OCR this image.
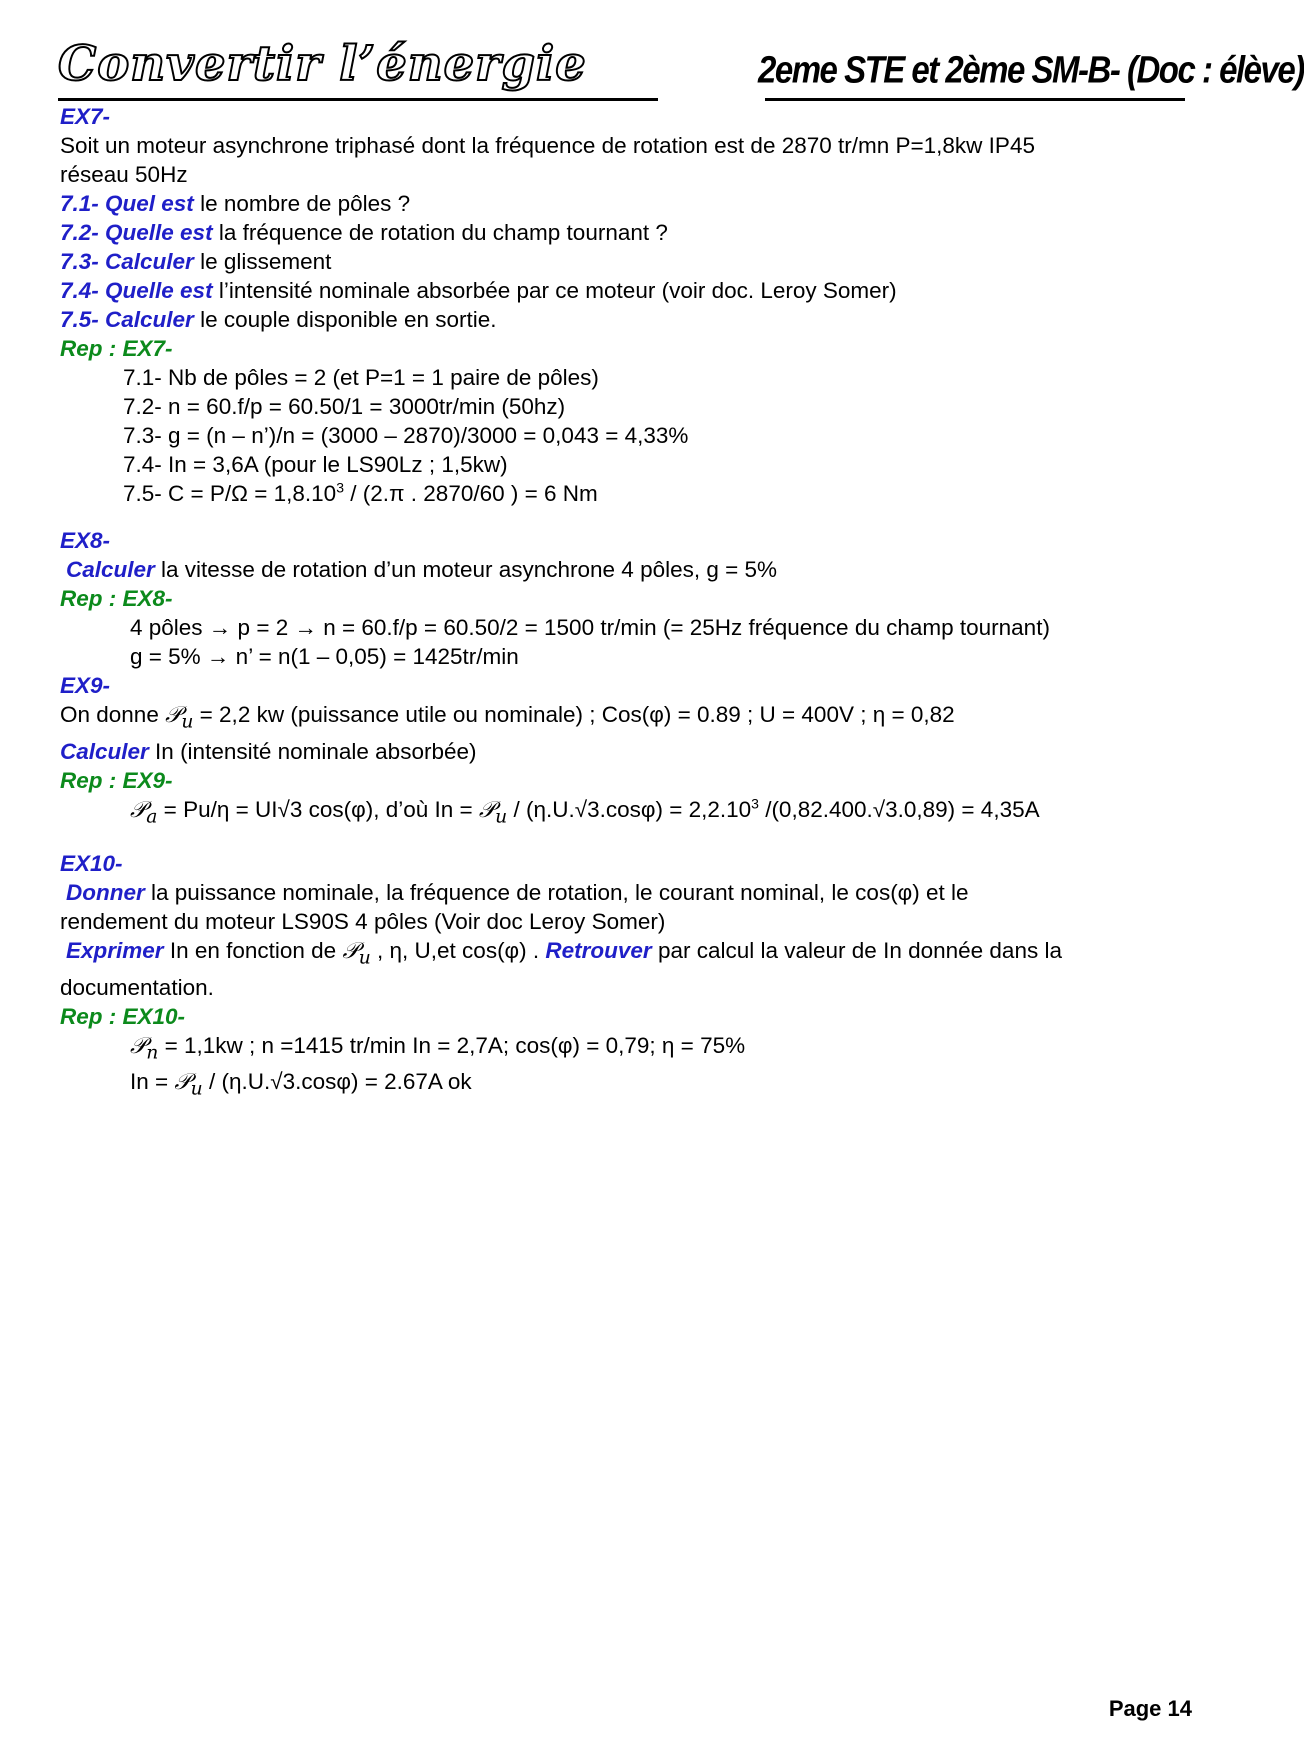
Convertir l’énergie	2eme STE et 2ème SM-B- (Doc : élève)
EX7-
Soit un moteur asynchrone triphasé dont la fréquence de rotation est de 2870 tr/mn P=1,8kw IP45
réseau 50Hz
7.1- Quel est le nombre de pôles ?
7.2- Quelle est la fréquence de rotation du champ tournant ?
7.3- Calculer le glissement
7.4- Quelle est l’intensité nominale absorbée par ce moteur (voir doc. Leroy Somer)
7.5- Calculer le couple disponible en sortie.
Rep : EX7-
7.1- Nb de pôles = 2 (et P=1 = 1 paire de pôles)
7.2- n = 60.f/p = 60.50/1 = 3000tr/min (50hz)
7.3- g = (n – n’)/n = (3000 – 2870)/3000 = 0,043 = 4,33%
7.4- In = 3,6A (pour le LS90Lz ; 1,5kw)
7.5- $C = P/\Omega = 1,8.10^3 / (2.\pi$ . 2870/60 ) = 6 Nm
EX8-
Calculer la vitesse de rotation d’un moteur asynchrone 4 pôles, g = 5%
Rep : EX8-
4 pôles → p = 2 → n = 60.f/p = 60.50/2 = 1500 tr/min (= 25Hz fréquence du champ tournant)
g = 5% → n’ = n(1 – 0,05) = 1425tr/min
EX9-
On donne 𝒫$_u$ = 2,2 kw (puissance utile ou nominale) ; Cos(φ) = 0.89 ; U = 400V ; η = 0,82
Calculer In (intensité nominale absorbée)
Rep : EX9-
𝒫$_a$ = Pu/η = UI√3 cos(φ), d’où In = 𝒫$_u$ / $(\eta.U.√3.\cos\varphi) = 2,2.10^3$ /(0,82.400.√3.0,89) = 4,35A
EX10-
Donner la puissance nominale, la fréquence de rotation, le courant nominal, le cos(φ) et le
rendement du moteur LS90S 4 pôles (Voir doc Leroy Somer)
Exprimer In en fonction de 𝒫$_u$ , η, U,et cos(φ) . Retrouver par calcul la valeur de In donnée dans la
documentation.
Rep : EX10-
𝒫$_n$ = 1,1kw ; n =1415 tr/min In = 2,7A; cos(φ) = 0,79; η = 75%
In = 𝒫$_u$ / (η.U.√3.cosφ) = 2.67A ok
Page 14
